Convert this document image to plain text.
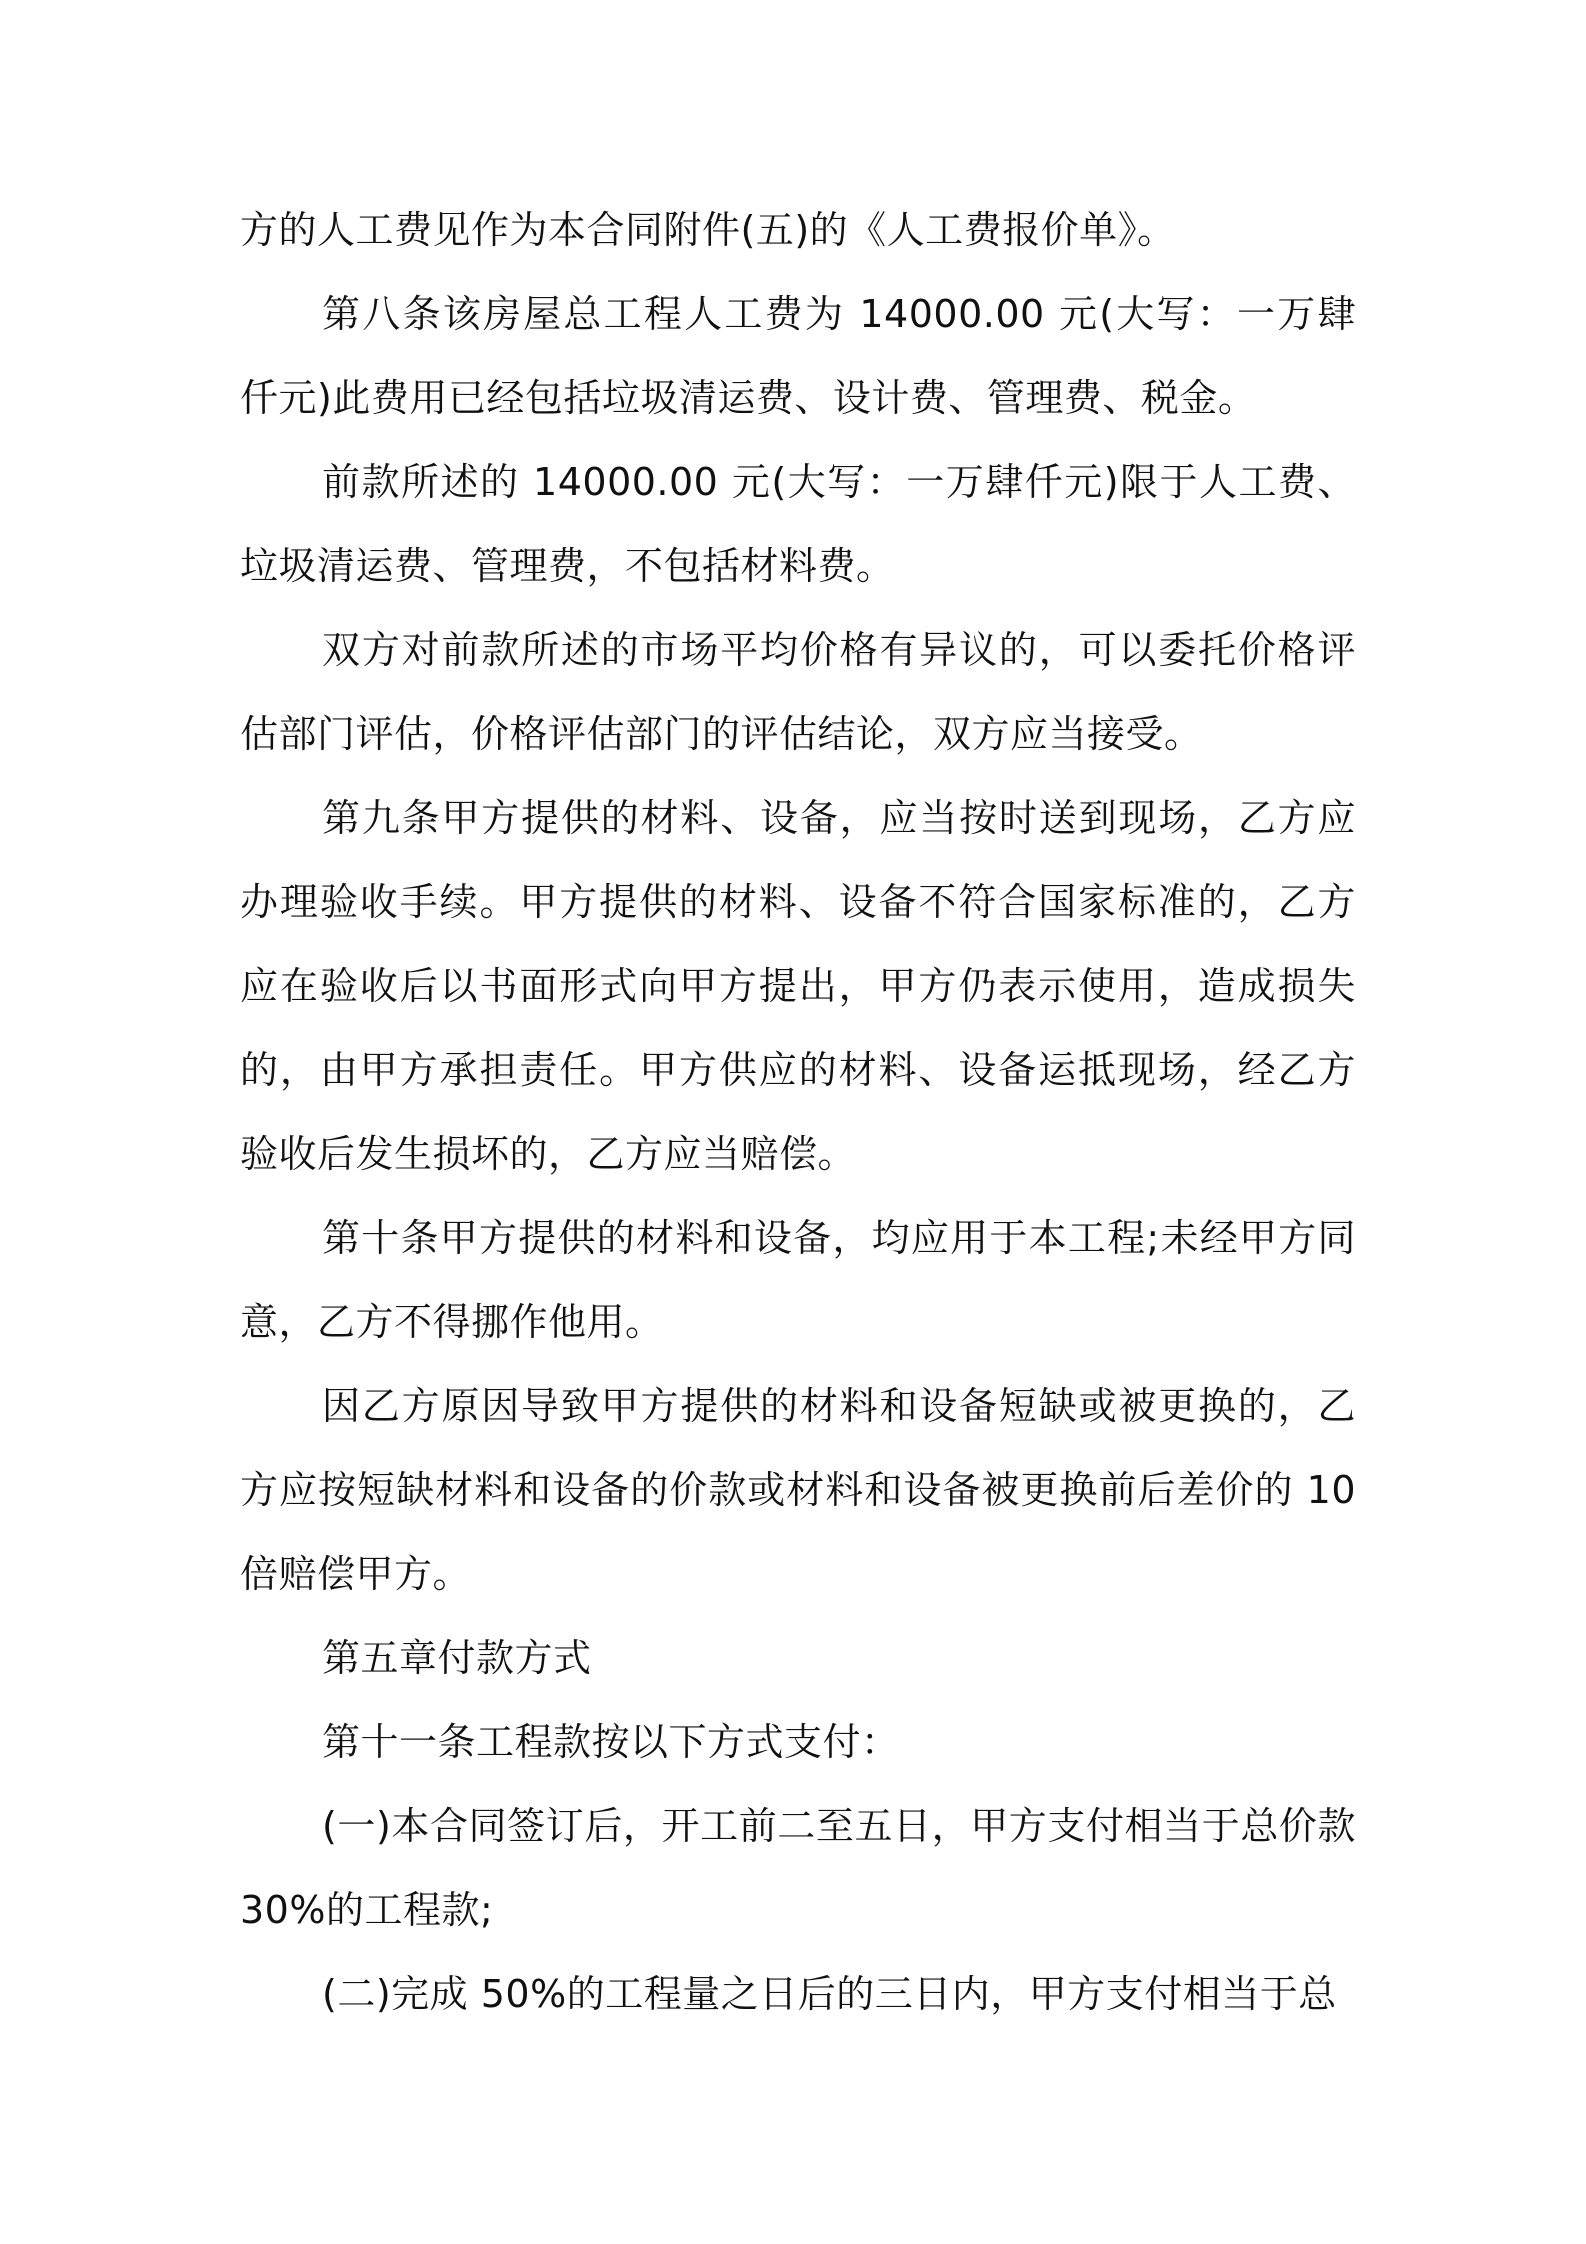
方的人工费见作为本合同附件(五)的《人工费报价单》。

第八条该房屋总工程人工费为 14000.00 元(大写：一万肆仟元)此费用已经包括垃圾清运费、设计费、管理费、税金。

前款所述的 14000.00 元(大写：一万肆仟元)限于人工费、垃圾清运费、管理费，不包括材料费。

双方对前款所述的市场平均价格有异议的，可以委托价格评估部门评估，价格评估部门的评估结论，双方应当接受。

第九条甲方提供的材料、设备，应当按时送到现场，乙方应办理验收手续。甲方提供的材料、设备不符合国家标准的，乙方应在验收后以书面形式向甲方提出，甲方仍表示使用，造成损失的，由甲方承担责任。甲方供应的材料、设备运抵现场，经乙方验收后发生损坏的，乙方应当赔偿。

第十条甲方提供的材料和设备，均应用于本工程;未经甲方同意，乙方不得挪作他用。

因乙方原因导致甲方提供的材料和设备短缺或被更换的，乙方应按短缺材料和设备的价款或材料和设备被更换前后差价的 10 倍赔偿甲方。

第五章付款方式

第十一条工程款按以下方式支付：

(一)本合同签订后，开工前二至五日，甲方支付相当于总价款 30%的工程款;

(二)完成 50%的工程量之日后的三日内，甲方支付相当于总
